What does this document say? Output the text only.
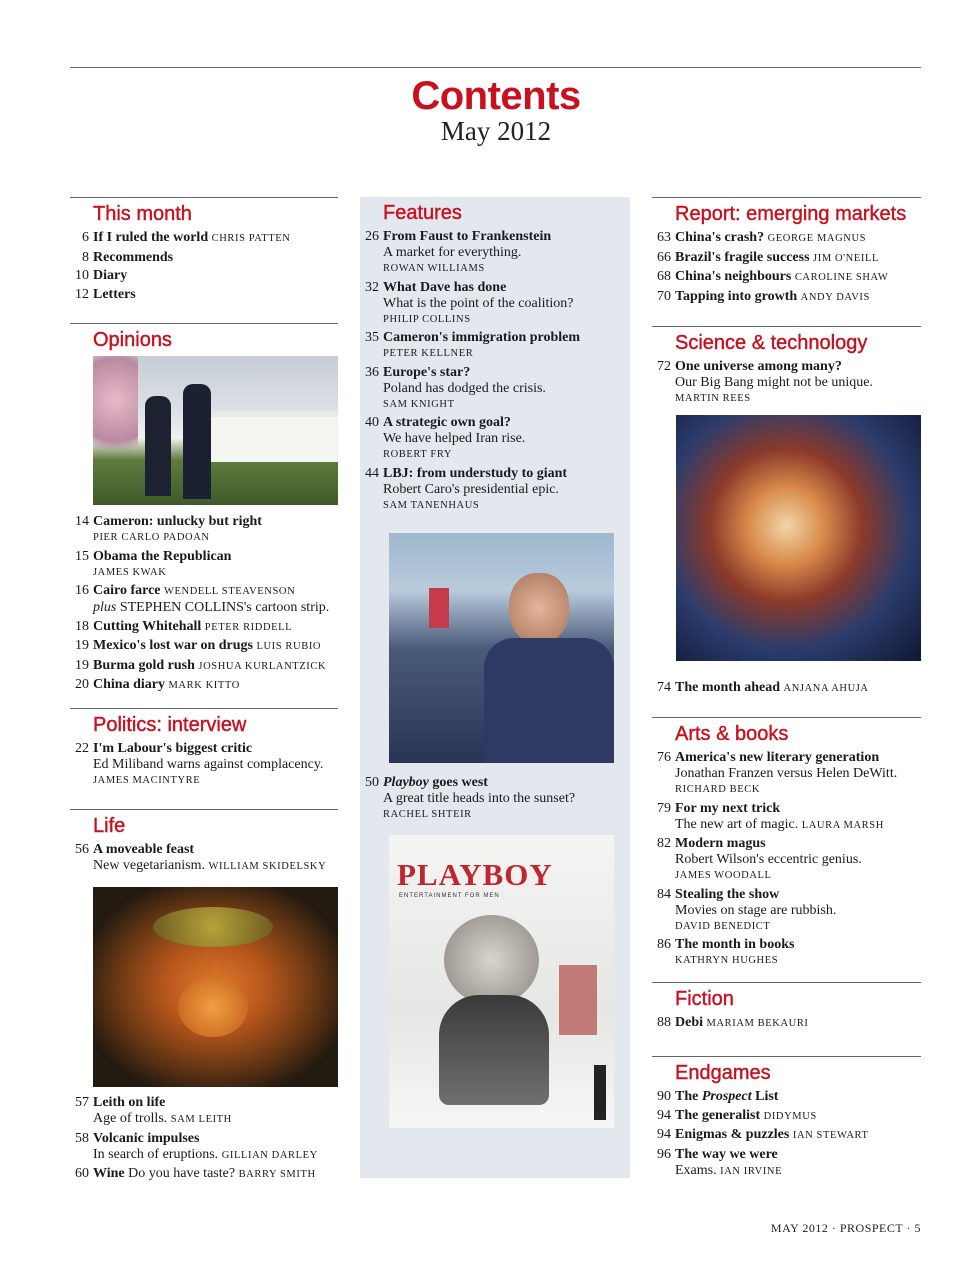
Contents
May 2012
This month
6 If I ruled the world CHRIS PATTEN
8 Recommends
10 Diary
12 Letters
Opinions
14 Cameron: unlucky but right
PIER CARLO PADOAN
15 Obama the Republican
JAMES KWAK
16 Cairo farce WENDELL STEAVENSON
plus STEPHEN COLLINS's cartoon strip.
18 Cutting Whitehall PETER RIDDELL
19 Mexico's lost war on drugs LUIS RUBIO
19 Burma gold rush JOSHUA KURLANTZICK
20 China diary MARK KITTO
Politics: interview
22 I'm Labour's biggest critic
Ed Miliband warns against complacency.
JAMES MACINTYRE
Life
56 A moveable feast
New vegetarianism. WILLIAM SKIDELSKY
57 Leith on life
Age of trolls. SAM LEITH
58 Volcanic impulses
In search of eruptions. GILLIAN DARLEY
60 Wine Do you have taste? BARRY SMITH
Features
26 From Faust to Frankenstein
A market for everything.
ROWAN WILLIAMS
32 What Dave has done
What is the point of the coalition?
PHILIP COLLINS
35 Cameron's immigration problem
PETER KELLNER
36 Europe's star?
Poland has dodged the crisis.
SAM KNIGHT
40 A strategic own goal?
We have helped Iran rise.
ROBERT FRY
44 LBJ: from understudy to giant
Robert Caro's presidential epic.
SAM TANENHAUS
50 Playboy goes west
A great title heads into the sunset?
RACHEL SHTEIR
PLAYBOY
ENTERTAINMENT FOR MEN
Report: emerging markets
63 China's crash? GEORGE MAGNUS
66 Brazil's fragile success JIM O'NEILL
68 China's neighbours CAROLINE SHAW
70 Tapping into growth ANDY DAVIS
Science & technology
72 One universe among many?
Our Big Bang might not be unique.
MARTIN REES
74 The month ahead ANJANA AHUJA
Arts & books
76 America's new literary generation
Jonathan Franzen versus Helen DeWitt.
RICHARD BECK
79 For my next trick
The new art of magic. LAURA MARSH
82 Modern magus
Robert Wilson's eccentric genius.
JAMES WOODALL
84 Stealing the show
Movies on stage are rubbish.
DAVID BENEDICT
86 The month in books
KATHRYN HUGHES
Fiction
88 Debi MARIAM BEKAURI
Endgames
90 The Prospect List
94 The generalist DIDYMUS
94 Enigmas & puzzles IAN STEWART
96 The way we were
Exams. IAN IRVINE
MAY 2012 · PROSPECT · 5
